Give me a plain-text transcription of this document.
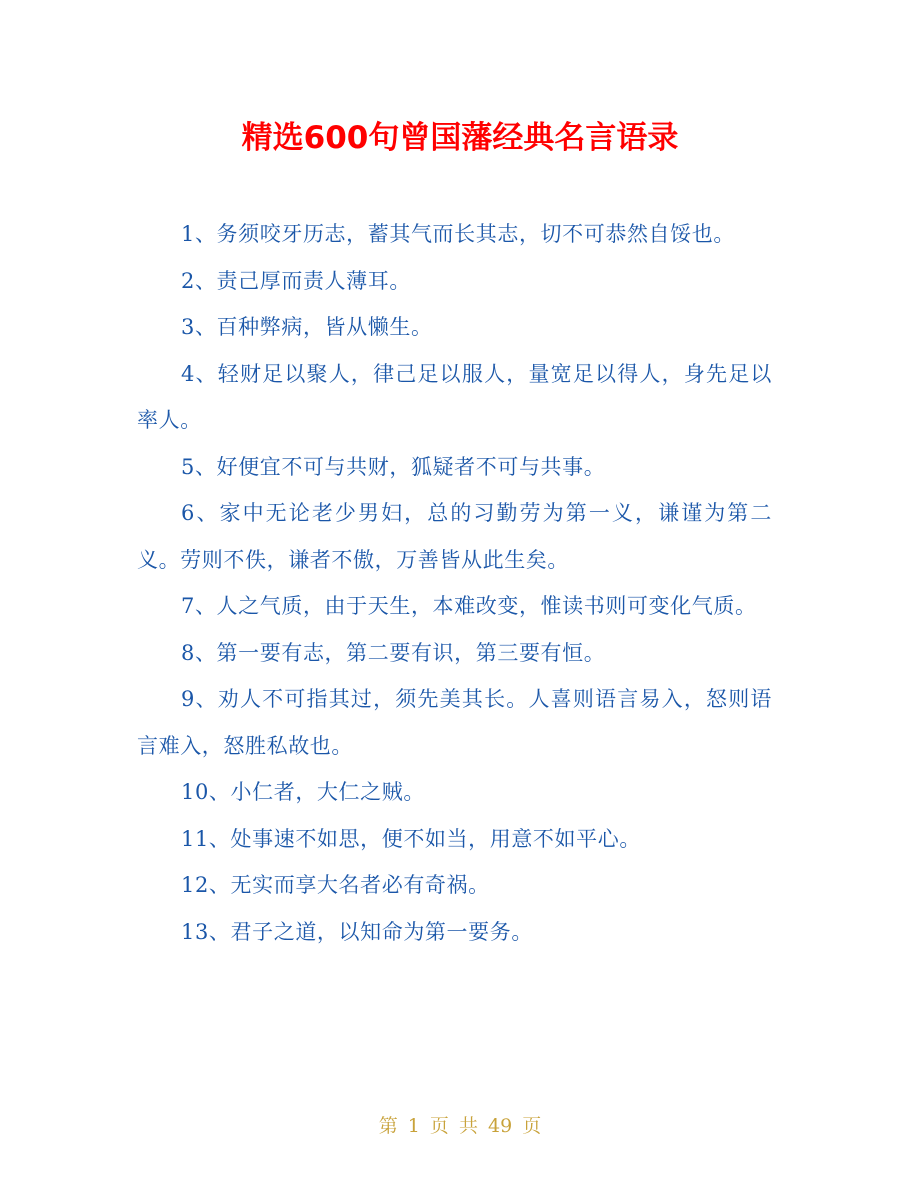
精选600句曾国藩经典名言语录

1、务须咬牙历志，蓄其气而长其志，切不可恭然自馁也。

2、责己厚而责人薄耳。

3、百种弊病，皆从懒生。

4、轻财足以聚人，律己足以服人，量宽足以得人，身先足以率人。

5、好便宜不可与共财，狐疑者不可与共事。

6、家中无论老少男妇，总的习勤劳为第一义，谦谨为第二义。劳则不佚，谦者不傲，万善皆从此生矣。

7、人之气质，由于天生，本难改变，惟读书则可变化气质。

8、第一要有志，第二要有识，第三要有恒。

9、劝人不可指其过，须先美其长。人喜则语言易入，怒则语言难入，怒胜私故也。

10、小仁者，大仁之贼。

11、处事速不如思，便不如当，用意不如平心。

12、无实而享大名者必有奇祸。

13、君子之道，以知命为第一要务。

第 1 页 共 49 页
